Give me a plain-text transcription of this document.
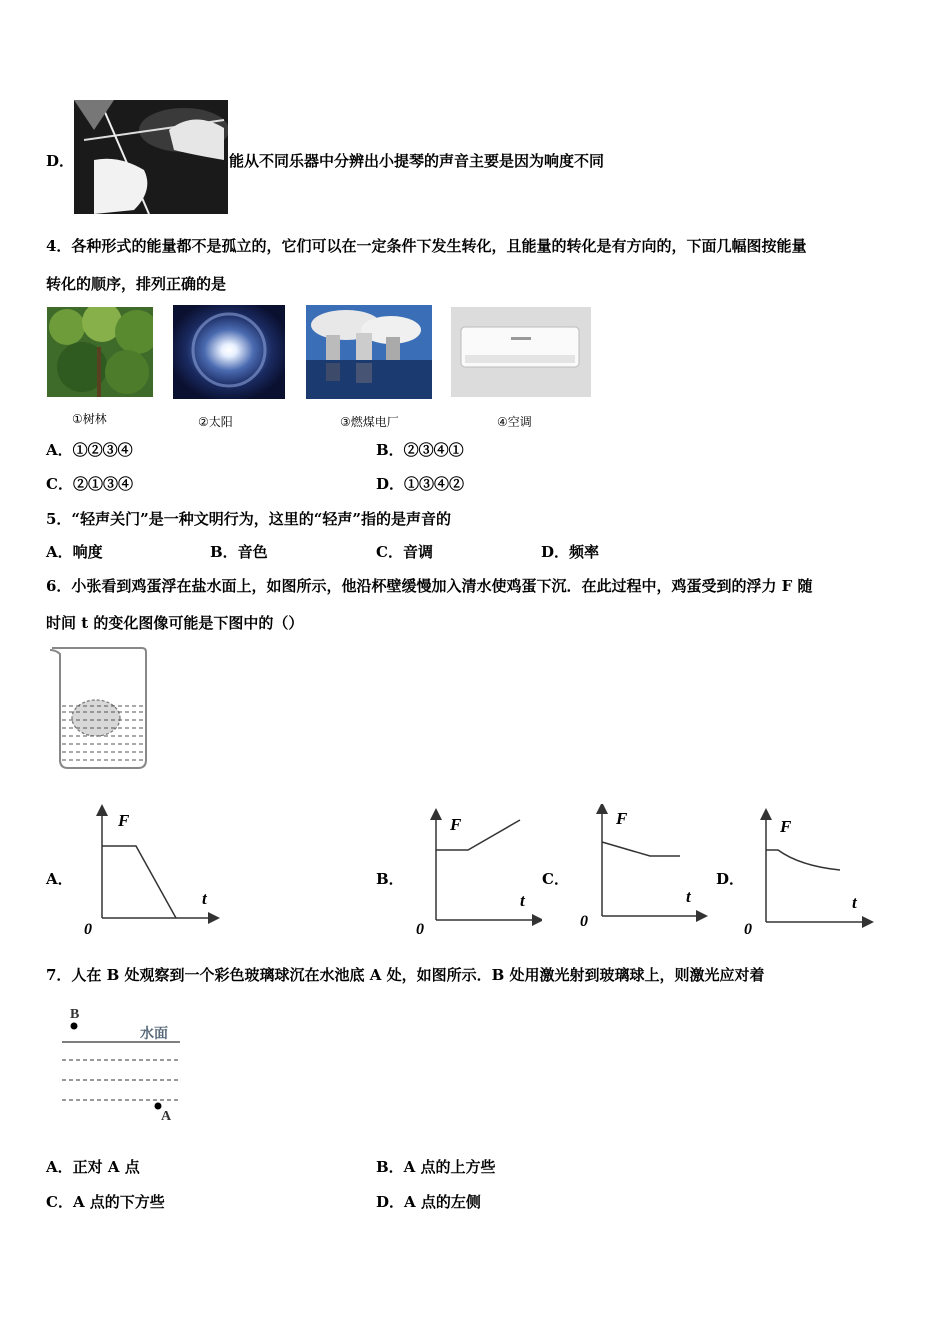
D．	能从不同乐器中分辨出小提琴的声音主要是因为响度不同
4．各种形式的能量都不是孤立的，它们可以在一定条件下发生转化，且能量的转化是有方向的，下面几幅图按能量
转化的顺序，排列正确的是
①树林	②太阳	③燃煤电厂	④空调
A．①②③④	B．②③④①
C．②①③④	D．①③④②
5．“轻声关门”是一种文明行为，这里的“轻声”指的是声音的
A．响度	B．音色	C．音调	D．频率
6．小张看到鸡蛋浮在盐水面上，如图所示，他沿杯壁缓慢加入清水使鸡蛋下沉．在此过程中，鸡蛋受到的浮力 F 随
时间 t 的变化图像可能是下图中的（）
A．
F
t
0
B．
F
t
0
C．
F
t
0
D．
F
t
0
7．人在 B 处观察到一个彩色玻璃球沉在水池底 A 处，如图所示．B 处用激光射到玻璃球上，则激光应对着
B
水面
A
A．正对 A 点	B．A 点的上方些
C．A 点的下方些	D．A 点的左侧
